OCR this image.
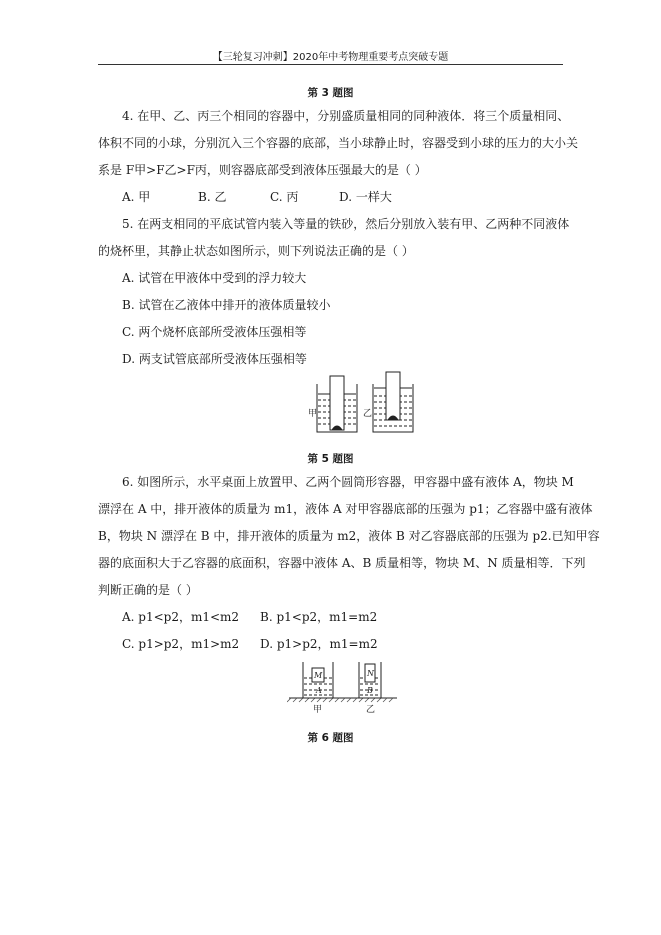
【三轮复习冲刺】2020年中考物理重要考点突破专题
第 3 题图
4. 在甲、乙、丙三个相同的容器中，分别盛质量相同的同种液体．将三个质量相同、
体积不同的小球，分别沉入三个容器的底部，当小球静止时，容器受到小球的压力的大小关
系是 F甲>F乙>F丙，则容器底部受到液体压强最大的是（ ）
A. 甲	B. 乙	C. 丙	D. 一样大
5. 在两支相同的平底试管内装入等量的铁砂，然后分别放入装有甲、乙两种不同液体
的烧杯里，其静止状态如图所示，则下列说法正确的是（ ）
A. 试管在甲液体中受到的浮力较大
B. 试管在乙液体中排开的液体质量较小
C. 两个烧杯底部所受液体压强相等
D. 两支试管底部所受液体压强相等
甲	乙
第 5 题图
6. 如图所示，水平桌面上放置甲、乙两个圆筒形容器，甲容器中盛有液体 A，物块 M
漂浮在 A 中，排开液体的质量为 m1，液体 A 对甲容器底部的压强为 p1；乙容器中盛有液体
B，物块 N 漂浮在 B 中，排开液体的质量为 m2，液体 B 对乙容器底部的压强为 p2.已知甲容
器的底面积大于乙容器的底面积，容器中液体 A、B 质量相等，物块 M、N 质量相等．下列
判断正确的是（ ）
A. p1<p2，m1<m2 B. p1<p2，m1=m2
C. p1>p2，m1>m2 D. p1>p2，m1=m2
M
A
N
B
甲	乙
第 6 题图
